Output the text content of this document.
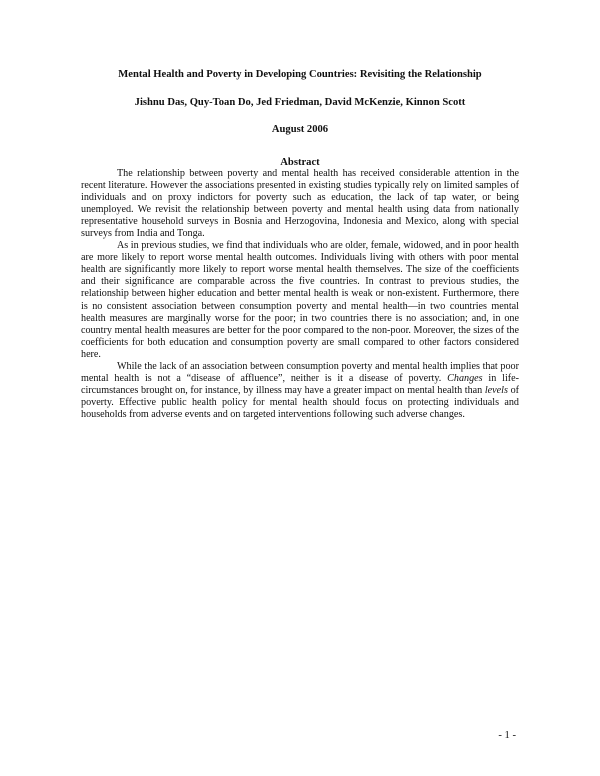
Mental Health and Poverty in Developing Countries: Revisiting the Relationship
Jishnu Das, Quy-Toan Do, Jed Friedman, David McKenzie, Kinnon Scott
August 2006
Abstract

The relationship between poverty and mental health has received considerable attention in the recent literature. However the associations presented in existing studies typically rely on limited samples of individuals and on proxy indictors for poverty such as education, the lack of tap water, or being unemployed. We revisit the relationship between poverty and mental health using data from nationally representative household surveys in Bosnia and Herzogovina, Indonesia and Mexico, along with special surveys from India and Tonga.

As in previous studies, we find that individuals who are older, female, widowed, and in poor health are more likely to report worse mental health outcomes. Individuals living with others with poor mental health are significantly more likely to report worse mental health themselves. The size of the coefficients and their significance are comparable across the five countries. In contrast to previous studies, the relationship between higher education and better mental health is weak or non-existent. Furthermore, there is no consistent association between consumption poverty and mental health—in two countries mental health measures are marginally worse for the poor; in two countries there is no association; and, in one country mental health measures are better for the poor compared to the non-poor. Moreover, the sizes of the coefficients for both education and consumption poverty are small compared to other factors considered here.

While the lack of an association between consumption poverty and mental health implies that poor mental health is not a “disease of affluence”, neither is it a disease of poverty. Changes in life-circumstances brought on, for instance, by illness may have a greater impact on mental health than levels of poverty. Effective public health policy for mental health should focus on protecting individuals and households from adverse events and on targeted interventions following such adverse changes.

- 1 -
